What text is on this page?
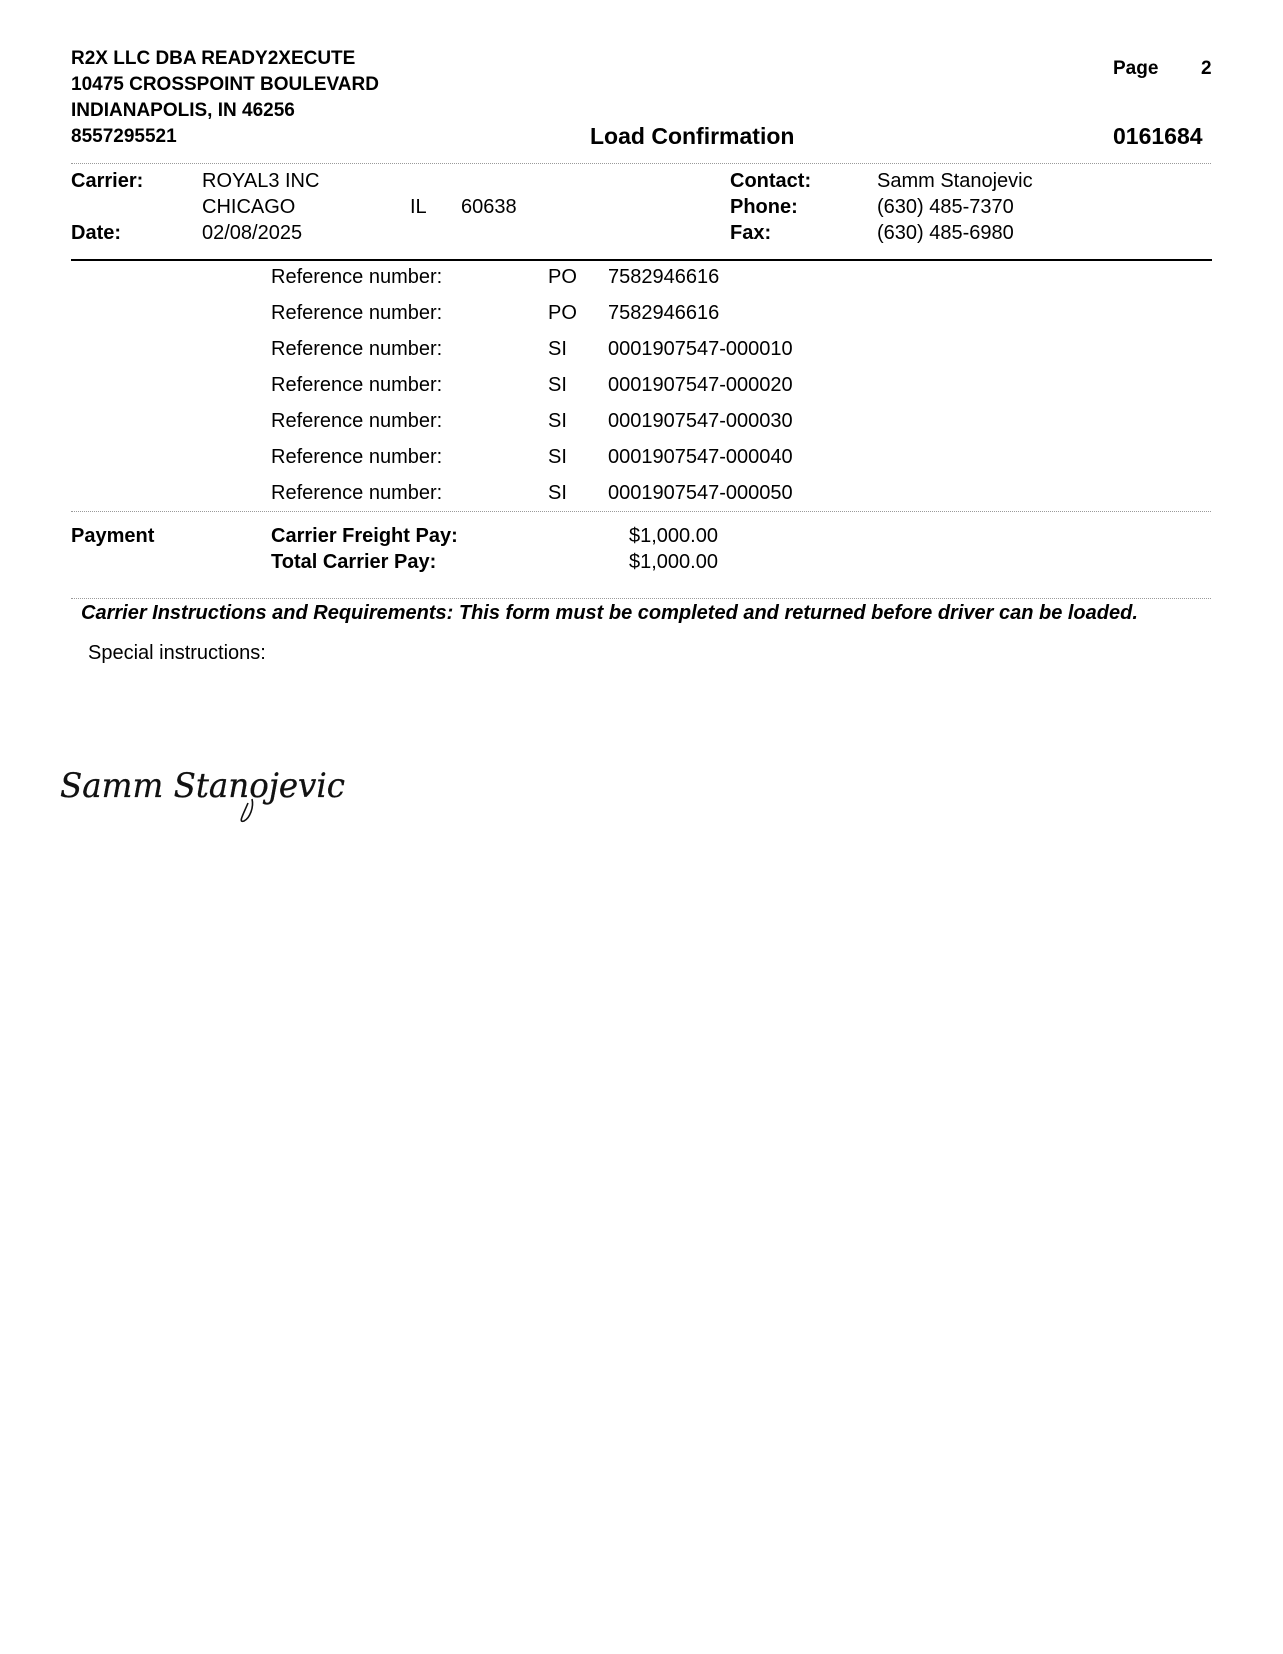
R2X LLC DBA READY2XECUTE
10475 CROSSPOINT BOULEVARD
INDIANAPOLIS, IN 46256
8557295521
Page 2
Load Confirmation	0161684
Carrier:	ROYAL3 INC
CHICAGO	IL 60638
Date:	02/08/2025
Contact:	Samm Stanojevic
Phone:	(630) 485-7370
Fax:	(630) 485-6980
Reference number:	PO 7582946616
Reference number:	PO 7582946616
Reference number:	SI 0001907547-000010
Reference number:	SI 0001907547-000020
Reference number:	SI 0001907547-000030
Reference number:	SI 0001907547-000040
Reference number:	SI 0001907547-000050
Payment	Carrier Freight Pay:	$1,000.00
Total Carrier Pay:	$1,000.00
Carrier Instructions and Requirements: This form must be completed and returned before driver can be loaded.
Special instructions:
Samm Stanojevic
